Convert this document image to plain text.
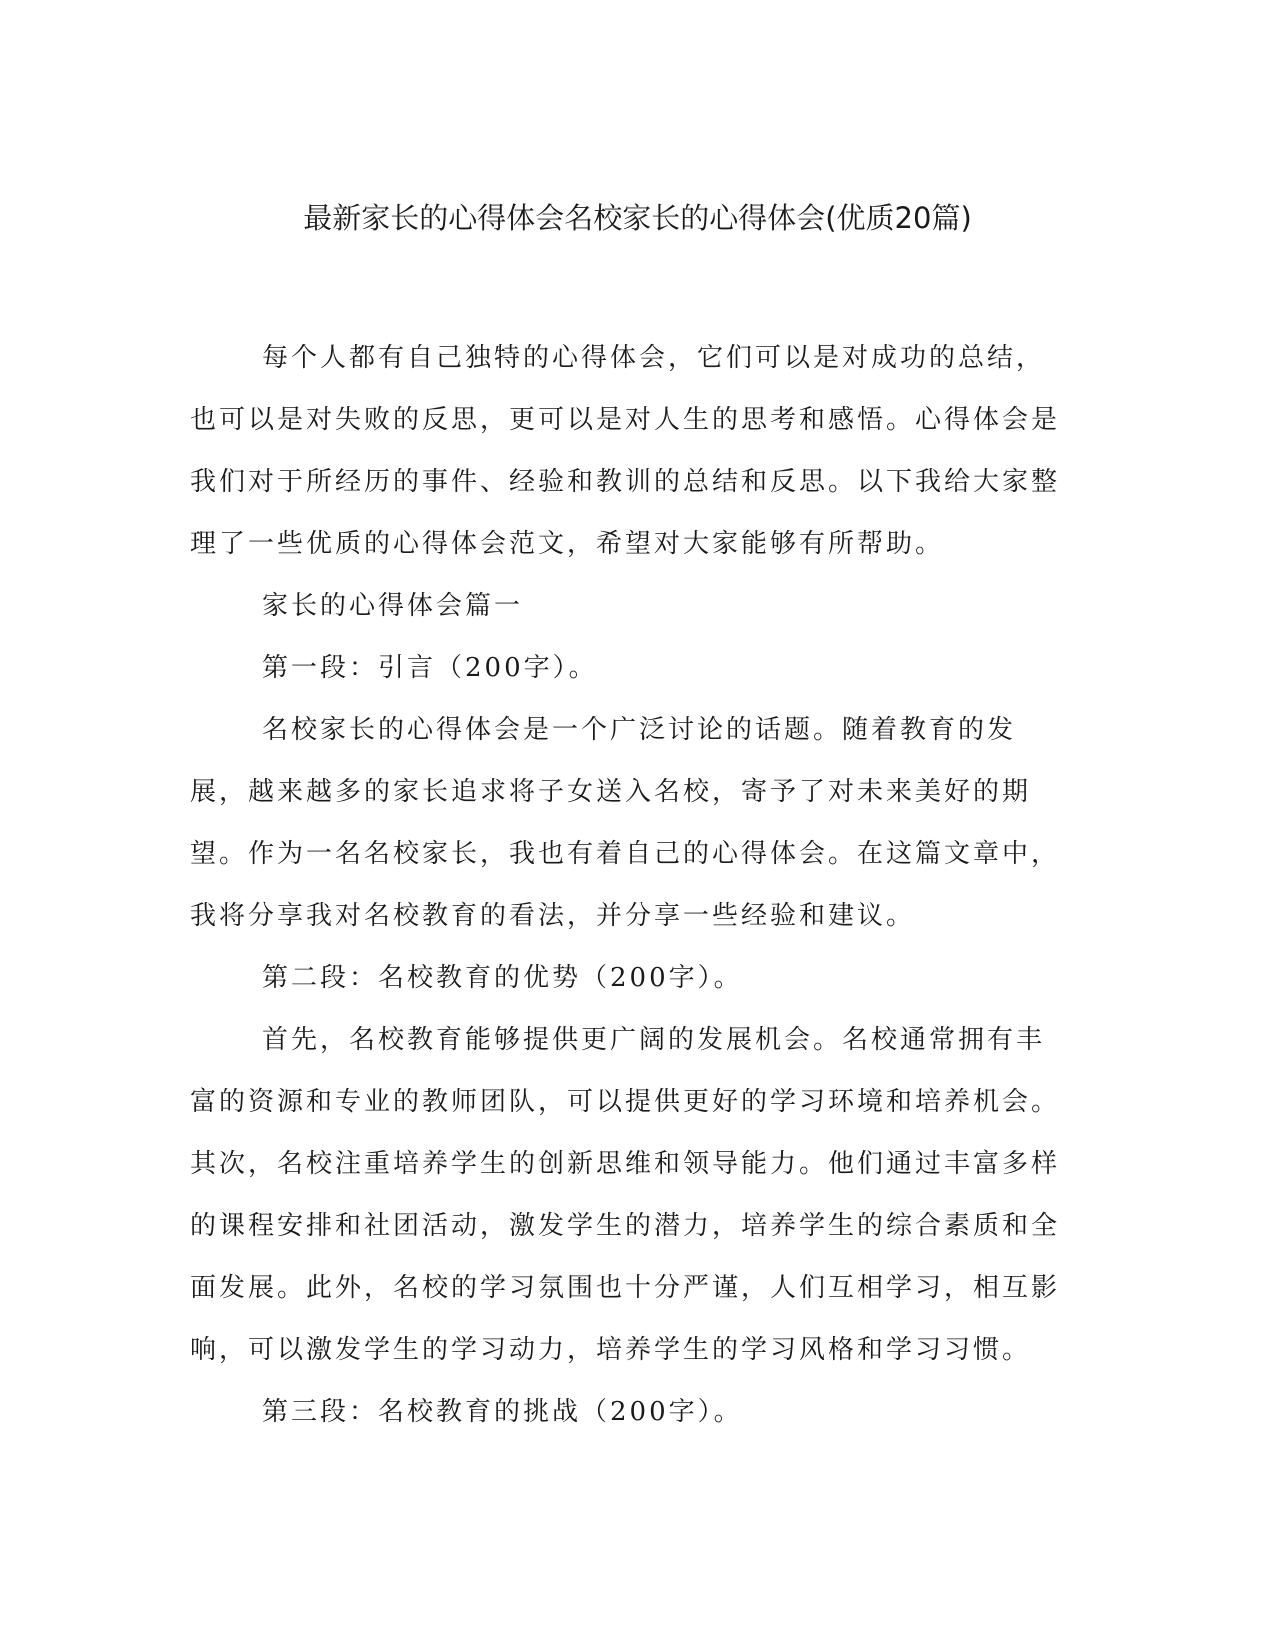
最新家长的心得体会名校家长的心得体会(优质20篇)

每个人都有自己独特的心得体会，它们可以是对成功的总结，也可以是对失败的反思，更可以是对人生的思考和感悟。心得体会是我们对于所经历的事件、经验和教训的总结和反思。以下我给大家整理了一些优质的心得体会范文，希望对大家能够有所帮助。

家长的心得体会篇一

第一段：引言（200字）。

名校家长的心得体会是一个广泛讨论的话题。随着教育的发展，越来越多的家长追求将子女送入名校，寄予了对未来美好的期望。作为一名名校家长，我也有着自己的心得体会。在这篇文章中，我将分享我对名校教育的看法，并分享一些经验和建议。

第二段：名校教育的优势（200字）。

首先，名校教育能够提供更广阔的发展机会。名校通常拥有丰富的资源和专业的教师团队，可以提供更好的学习环境和培养机会。其次，名校注重培养学生的创新思维和领导能力。他们通过丰富多样的课程安排和社团活动，激发学生的潜力，培养学生的综合素质和全面发展。此外，名校的学习氛围也十分严谨，人们互相学习，相互影响，可以激发学生的学习动力，培养学生的学习风格和学习习惯。

第三段：名校教育的挑战（200字）。
